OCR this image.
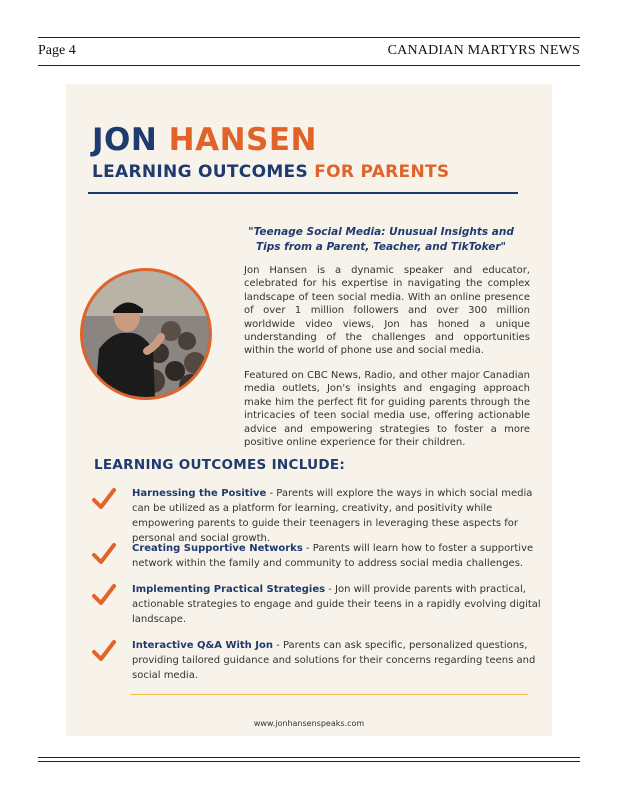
Page 4	CANADIAN MARTYRS NEWS
JON HANSEN
LEARNING OUTCOMES FOR PARENTS
"Teenage Social Media: Unusual Insights and Tips from a Parent, Teacher, and TikToker"
Jon Hansen is a dynamic speaker and educator, celebrated for his expertise in navigating the complex landscape of teen social media. With an online presence of over 1 million followers and over 300 million worldwide video views, Jon has honed a unique understanding of the challenges and opportunities within the world of phone use and social media.
Featured on CBC News, Radio, and other major Canadian media outlets, Jon's insights and engaging approach make him the perfect fit for guiding parents through the intricacies of teen social media use, offering actionable advice and empowering strategies to foster a more positive online experience for their children.
LEARNING OUTCOMES INCLUDE:
Harnessing the Positive - Parents will explore the ways in which social media can be utilized as a platform for learning, creativity, and positivity while empowering parents to guide their teenagers in leveraging these aspects for personal and social growth.
Creating Supportive Networks - Parents will learn how to foster a supportive network within the family and community to address social media challenges.
Implementing Practical Strategies - Jon will provide parents with practical, actionable strategies to engage and guide their teens in a rapidly evolving digital landscape.
Interactive Q&A With Jon - Parents can ask specific, personalized questions, providing tailored guidance and solutions for their concerns regarding teens and social media.
www.jonhansenspeaks.com
